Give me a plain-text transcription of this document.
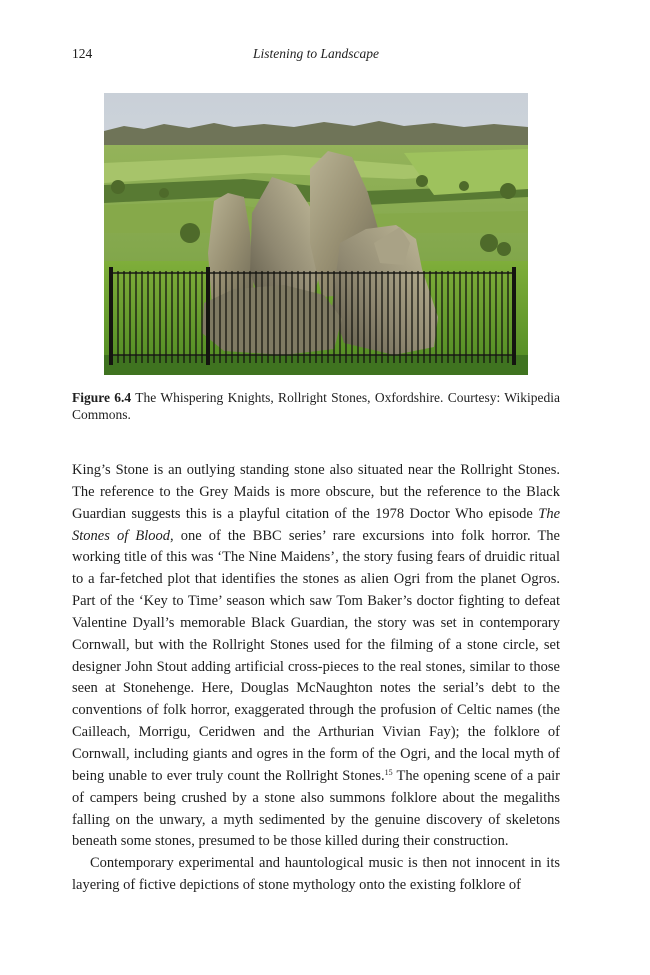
124	Listening to Landscape
Figure 6.4 The Whispering Knights, Rollright Stones, Oxfordshire. Courtesy: Wikipedia Commons.

King’s Stone is an outlying standing stone also situated near the Rollright Stones. The reference to the Grey Maids is more obscure, but the reference to the Black Guardian suggests this is a playful citation of the 1978 Doctor Who episode The Stones of Blood, one of the BBC series’ rare excursions into folk horror. The working title of this was ‘The Nine Maidens’, the story fusing fears of druidic ritual to a far-fetched plot that identifies the stones as alien Ogri from the planet Ogros. Part of the ‘Key to Time’ season which saw Tom Baker’s doctor fighting to defeat Valentine Dyall’s memorable Black Guardian, the story was set in contemporary Cornwall, but with the Rollright Stones used for the filming of a stone circle, set designer John Stout adding artificial cross-pieces to the real stones, similar to those seen at Stonehenge. Here, Douglas McNaughton notes the serial’s debt to the conventions of folk horror, exaggerated through the profusion of Celtic names (the Cailleach, Morrigu, Ceridwen and the Arthurian Vivian Fay); the folklore of Cornwall, including giants and ogres in the form of the Ogri, and the local myth of being unable to ever truly count the Rollright Stones.$^{15}$ The opening scene of a pair of campers being crushed by a stone also summons folklore about the megaliths falling on the unwary, a myth sedimented by the genuine discovery of skeletons beneath some stones, presumed to be those killed during their construction.

Contemporary experimental and hauntological music is then not innocent in its layering of fictive depictions of stone mythology onto the existing folklore of
